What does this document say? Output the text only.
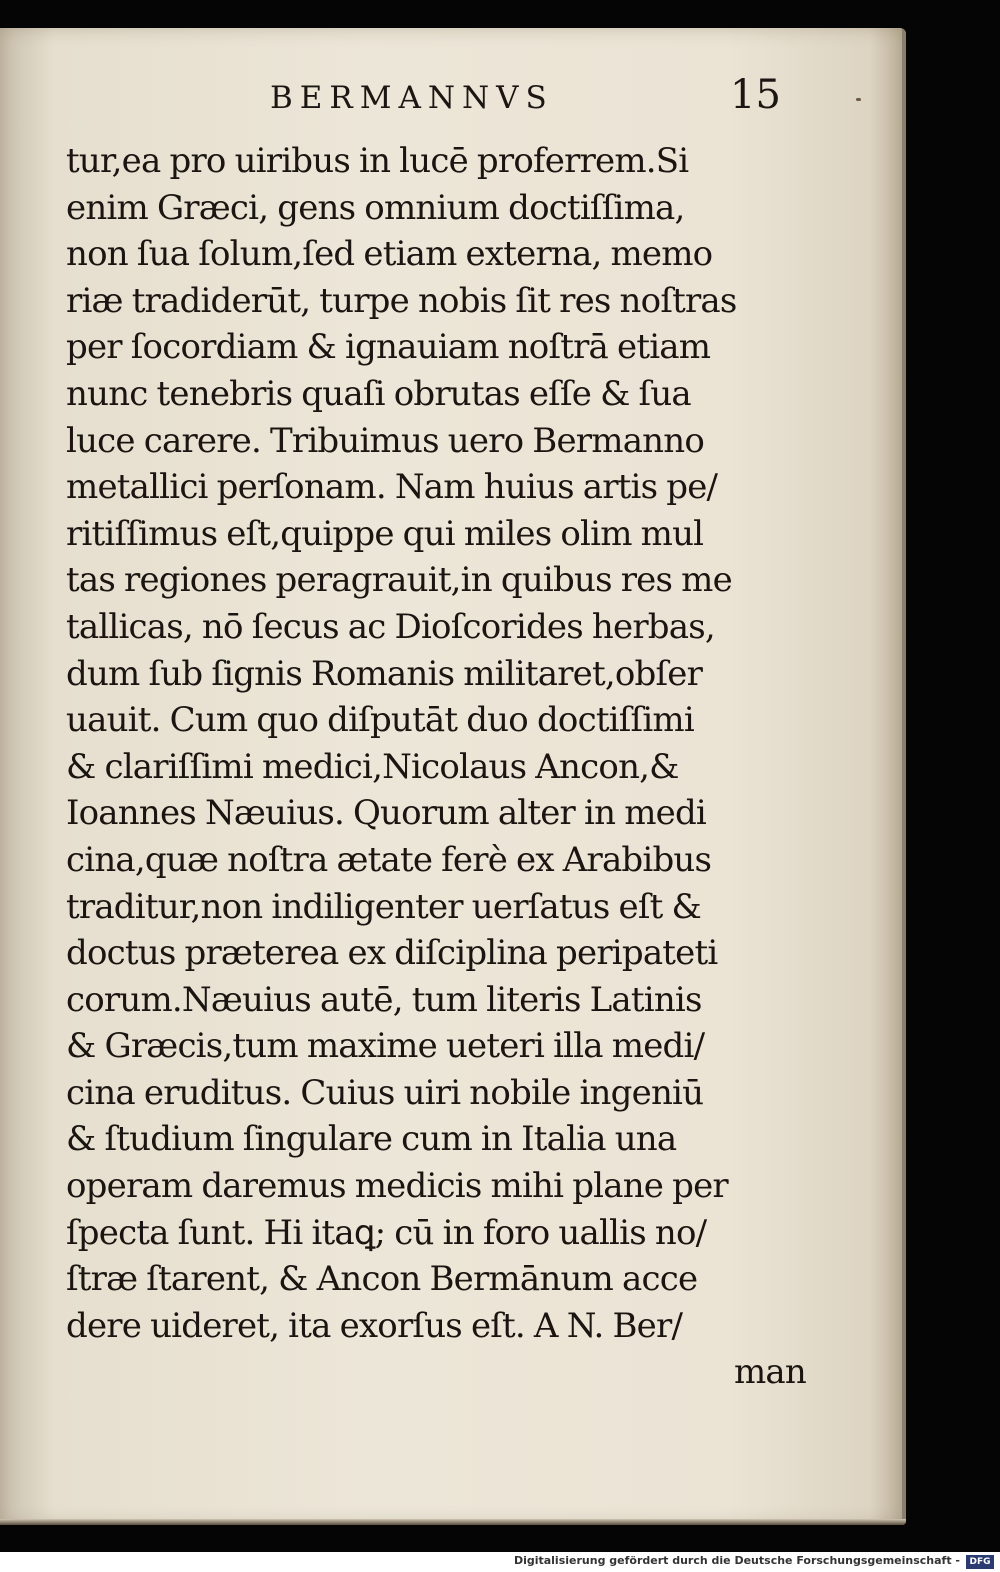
BERMANNVS	15
tur,ea pro uiribus in lucē proferrem.Si
enim Græci, gens omnium doctiſſima,
non ſua ſolum,ſed etiam externa, memo
riæ tradiderūt, turpe nobis ſit res noſtras
per ſocordiam & ignauiam noſtrā etiam
nunc tenebris quaſi obrutas eſſe & ſua
luce carere. Tribuimus uero Bermanno
metallici perſonam. Nam huius artis pe/
ritiſſimus eſt,quippe qui miles olim mul
tas regiones peragrauit,in quibus res me
tallicas, nō ſecus ac Dioſcorides herbas,
dum ſub ſignis Romanis militaret,obſer
uauit. Cum quo diſputāt duo doctiſſimi
& clariſſimi medici,Nicolaus Ancon,&
Ioannes Næuius. Quorum alter in medi
cina,quæ noſtra ætate ferè ex Arabibus
traditur,non indiligenter uerſatus eſt &
doctus præterea ex diſciplina peripateti
corum.Næuius autē, tum literis Latinis
& Græcis,tum maxime ueteri illa medi/
cina eruditus. Cuius uiri nobile ingeniū
& ſtudium ſingulare cum in Italia una
operam daremus medicis mihi plane per
ſpecta ſunt. Hi itaꝗ; cū in foro uallis no/
ſtræ ſtarent, & Ancon Bermānum acce
dere uideret, ita exorſus eſt. A N. Ber/
man
Digitalisierung gefördert durch die Deutsche Forschungsgemeinschaft -	DFG
